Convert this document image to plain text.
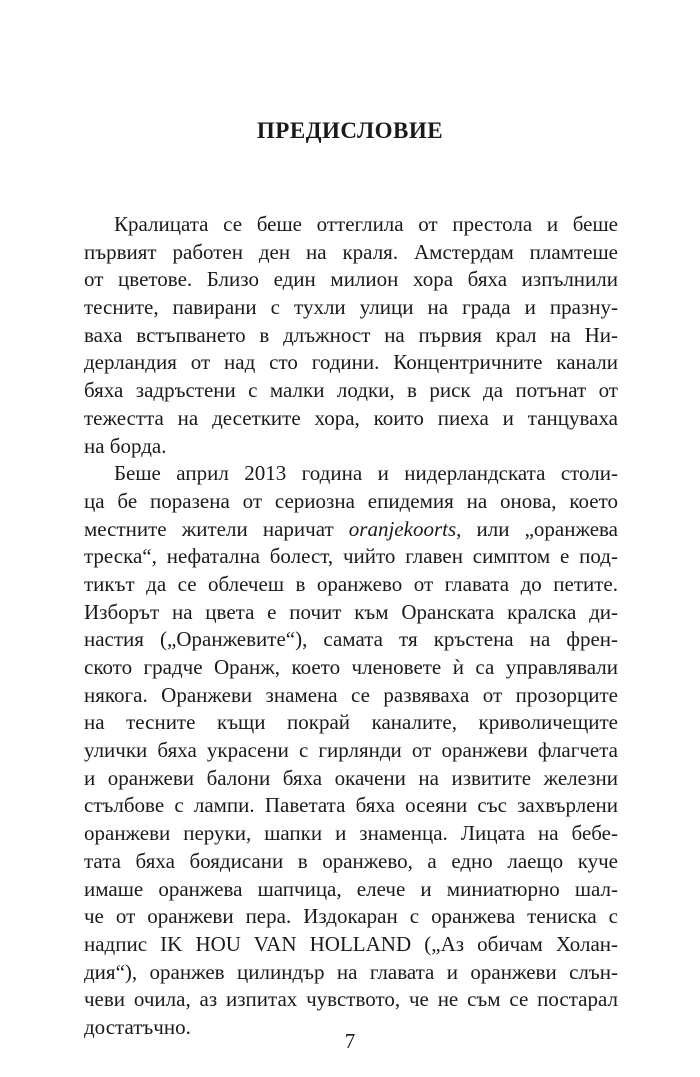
ПРЕДИСЛОВИЕ
Кралицата се беше оттеглила от престола и беше
първият работен ден на краля. Амстердам пламтеше
от цветове. Близо един милион хора бяха изпълнили
тесните, павирани с тухли улици на града и празну-
ваха встъпването в длъжност на първия крал на Ни-
дерландия от над сто години. Концентричните канали
бяха задръстени с малки лодки, в риск да потънат от
тежестта на десетките хора, които пиеха и танцуваха
на борда.
Беше април 2013 година и нидерландската столи-
ца бе поразена от сериозна епидемия на онова, което
местните жители наричат oranjekoorts, или „оранжева
треска“, нефатална болест, чийто главен симптом е под-
тикът да се облечеш в оранжево от главата до петите.
Изборът на цвета е почит към Оранската кралска ди-
настия („Оранжевите“), самата тя кръстена на френ-
ското градче Оранж, което членовете ѝ са управлявали
някога. Оранжеви знамена се развяваха от прозорците
на тесните къщи покрай каналите, криволичещите
улички бяха украсени с гирлянди от оранжеви флагчета
и оранжеви балони бяха окачени на извитите железни
стълбове с лампи. Паветата бяха осеяни със захвърлени
оранжеви перуки, шапки и знаменца. Лицата на бебе-
тата бяха боядисани в оранжево, а едно лаещо куче
имаше оранжева шапчица, елече и миниатюрно шал-
че от оранжеви пера. Издокаран с оранжева тениска с
надпис IK HOU VAN HOLLAND („Аз обичам Холан-
дия“), оранжев цилиндър на главата и оранжеви слън-
чеви очила, аз изпитах чувството, че не съм се постарал
достатъчно.
7
